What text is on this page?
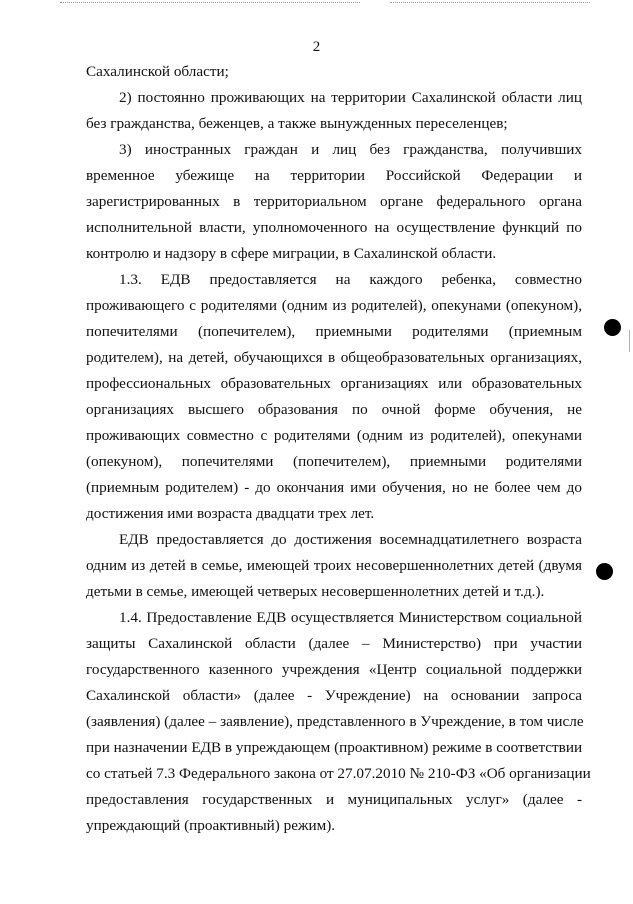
2
Сахалинской области;
2) постоянно проживающих на территории Сахалинской области лиц
без гражданства, беженцев, а также вынужденных переселенцев;
3) иностранных граждан и лиц без гражданства, получивших
временное убежище на территории Российской Федерации и
зарегистрированных в территориальном органе федерального органа
исполнительной власти, уполномоченного на осуществление функций по
контролю и надзору в сфере миграции, в Сахалинской области.
1.3. ЕДВ предоставляется на каждого ребенка, совместно
проживающего с родителями (одним из родителей), опекунами (опекуном),
попечителями (попечителем), приемными родителями (приемным
родителем), на детей, обучающихся в общеобразовательных организациях,
профессиональных образовательных организациях или образовательных
организациях высшего образования по очной форме обучения, не
проживающих совместно с родителями (одним из родителей), опекунами
(опекуном), попечителями (попечителем), приемными родителями
(приемным родителем) - до окончания ими обучения, но не более чем до
достижения ими возраста двадцати трех лет.
ЕДВ предоставляется до достижения восемнадцатилетнего возраста
одним из детей в семье, имеющей троих несовершеннолетних детей (двумя
детьми в семье, имеющей четверых несовершеннолетних детей и т.д.).
1.4. Предоставление ЕДВ осуществляется Министерством социальной
защиты Сахалинской области (далее – Министерство) при участии
государственного казенного учреждения «Центр социальной поддержки
Сахалинской области» (далее - Учреждение) на основании запроса
(заявления) (далее – заявление), представленного в Учреждение, в том числе
при назначении ЕДВ в упреждающем (проактивном) режиме в соответствии
со статьей 7.3 Федерального закона от 27.07.2010 № 210-ФЗ «Об организации
предоставления государственных и муниципальных услуг» (далее -
упреждающий (проактивный) режим).
